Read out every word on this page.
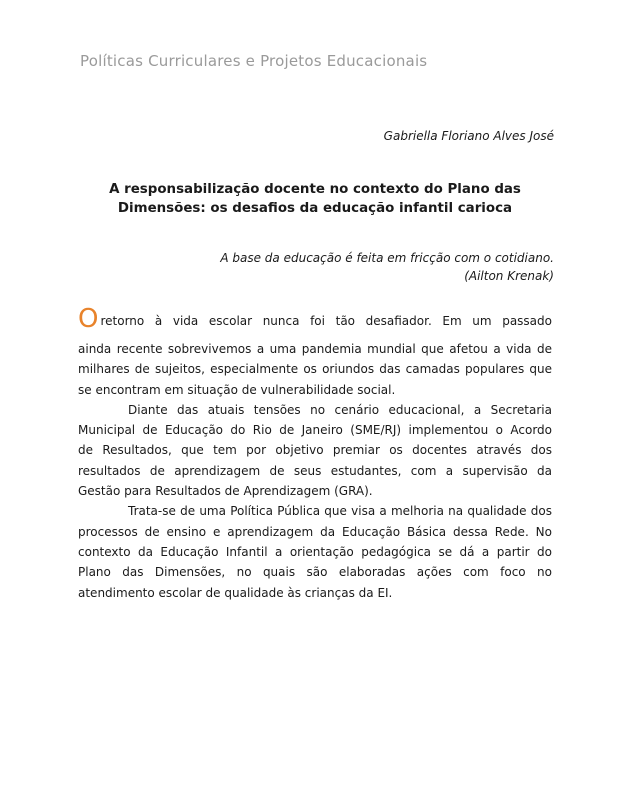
Políticas Curriculares e Projetos Educacionais
Gabriella Floriano Alves José
A responsabilização docente no contexto do Plano das
Dimensões: os desafios da educação infantil carioca
A base da educação é feita em fricção com o cotidiano.
(Ailton Krenak)

O retorno à vida escolar nunca foi tão desafiador. Em um passado
ainda recente sobrevivemos a uma pandemia mundial que afetou a vida de
milhares de sujeitos, especialmente os oriundos das camadas populares que
se encontram em situação de vulnerabilidade social.

Diante das atuais tensões no cenário educacional, a Secretaria
Municipal de Educação do Rio de Janeiro (SME/RJ) implementou o Acordo
de Resultados, que tem por objetivo premiar os docentes através dos
resultados de aprendizagem de seus estudantes, com a supervisão da
Gestão para Resultados de Aprendizagem (GRA).

Trata-se de uma Política Pública que visa a melhoria na qualidade dos
processos de ensino e aprendizagem da Educação Básica dessa Rede. No
contexto da Educação Infantil a orientação pedagógica se dá a partir do
Plano das Dimensões, no quais são elaboradas ações com foco no
atendimento escolar de qualidade às crianças da EI.
